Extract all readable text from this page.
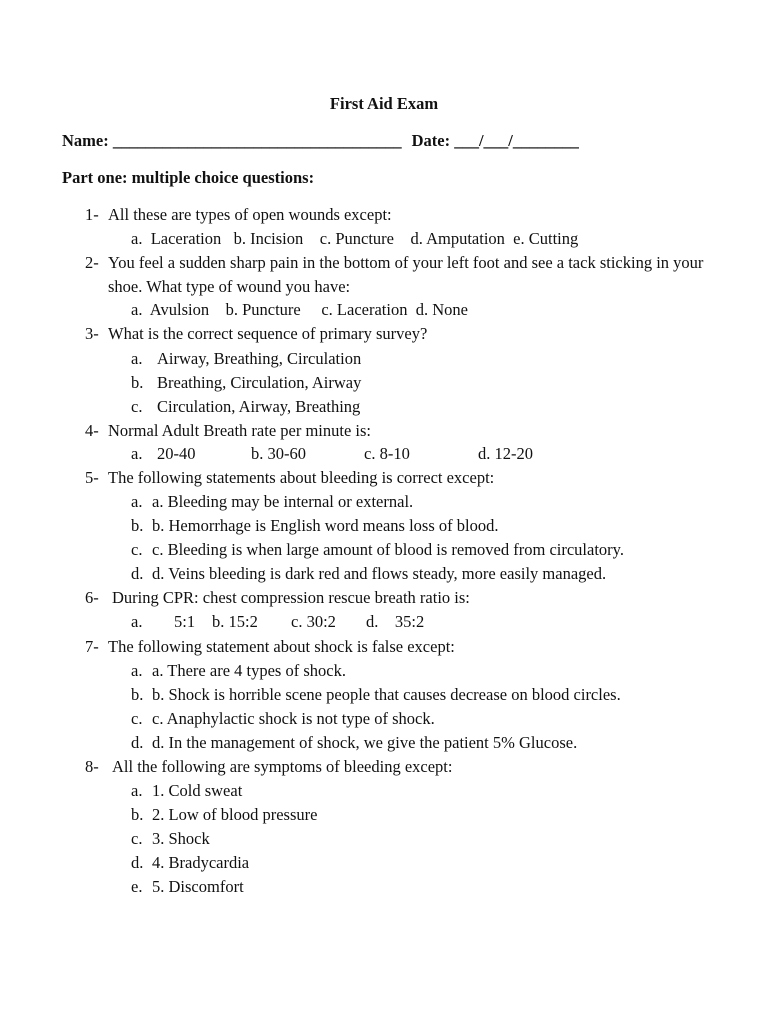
First Aid Exam
Name: ___________________________________ Date: ___/___/________
Part one: multiple choice questions:
1- All these are types of open wounds except:
a.  Laceration   b. Incision    c. Puncture    d. Amputation  e. Cutting
2- You feel a sudden sharp pain in the bottom of your left foot and see a tack sticking in your
shoe. What type of wound you have:
a.  Avulsion    b. Puncture     c. Laceration  d. None
3- What is the correct sequence of primary survey?
a. Airway, Breathing, Circulation
b. Breathing, Circulation, Airway
c. Circulation, Airway, Breathing
4- Normal Adult Breath rate per minute is:
a. 20-40	b. 30-60	c. 8-10	d. 12-20
5- The following statements about bleeding is correct except:
a. a. Bleeding may be internal or external.
b. b. Hemorrhage is English word means loss of blood.
c. c. Bleeding is when large amount of blood is removed from circulatory.
d. d. Veins bleeding is dark red and flows steady, more easily managed.
6- During CPR: chest compression rescue breath ratio is:
a. 5:1 b. 15:2 c. 30:2 d.    35:2
7- The following statement about shock is false except:
a. a. There are 4 types of shock.
b. b. Shock is horrible scene people that causes decrease on blood circles.
c. c. Anaphylactic shock is not type of shock.
d. d. In the management of shock, we give the patient 5% Glucose.
8- All the following are symptoms of bleeding except:
a. 1. Cold sweat
b. 2. Low of blood pressure
c. 3. Shock
d. 4. Bradycardia
e. 5. Discomfort
